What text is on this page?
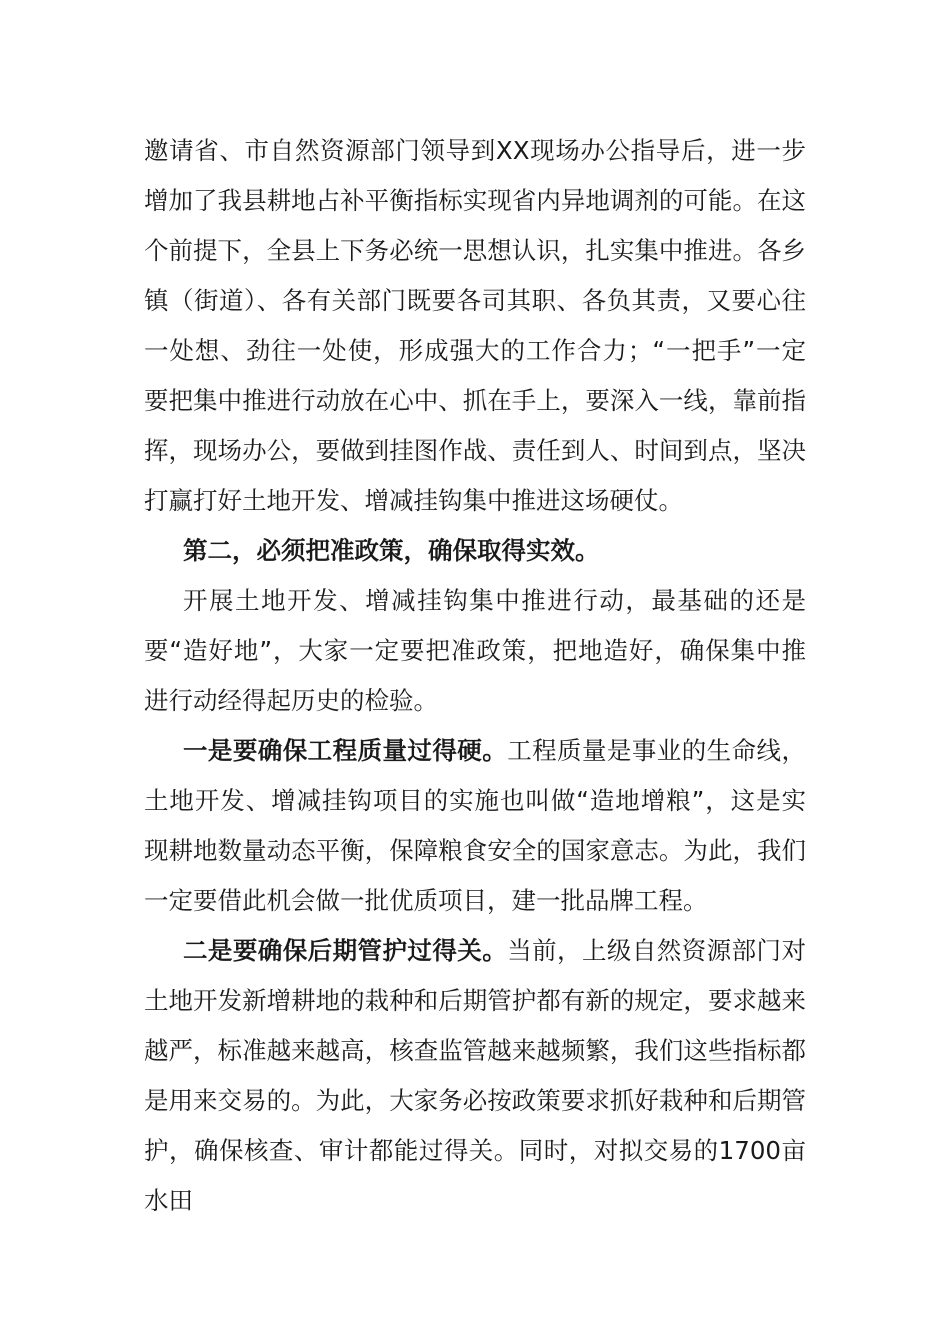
邀请省、市自然资源部门领导到XX现场办公指导后，进一步增加了我县耕地占补平衡指标实现省内异地调剂的可能。在这个前提下，全县上下务必统一思想认识，扎实集中推进。各乡镇（街道）、各有关部门既要各司其职、各负其责，又要心往一处想、劲往一处使，形成强大的工作合力；“一把手”一定要把集中推进行动放在心中、抓在手上，要深入一线，靠前指挥，现场办公，要做到挂图作战、责任到人、时间到点，坚决打赢打好土地开发、增减挂钩集中推进这场硬仗。

第二，必须把准政策，确保取得实效。

开展土地开发、增减挂钩集中推进行动，最基础的还是要“造好地”，大家一定要把准政策，把地造好，确保集中推进行动经得起历史的检验。

一是要确保工程质量过得硬。工程质量是事业的生命线，土地开发、增减挂钩项目的实施也叫做“造地增粮”，这是实现耕地数量动态平衡，保障粮食安全的国家意志。为此，我们一定要借此机会做一批优质项目，建一批品牌工程。

二是要确保后期管护过得关。当前，上级自然资源部门对土地开发新增耕地的栽种和后期管护都有新的规定，要求越来越严，标准越来越高，核查监管越来越频繁，我们这些指标都是用来交易的。为此，大家务必按政策要求抓好栽种和后期管护，确保核查、审计都能过得关。同时，对拟交易的1700亩水田
